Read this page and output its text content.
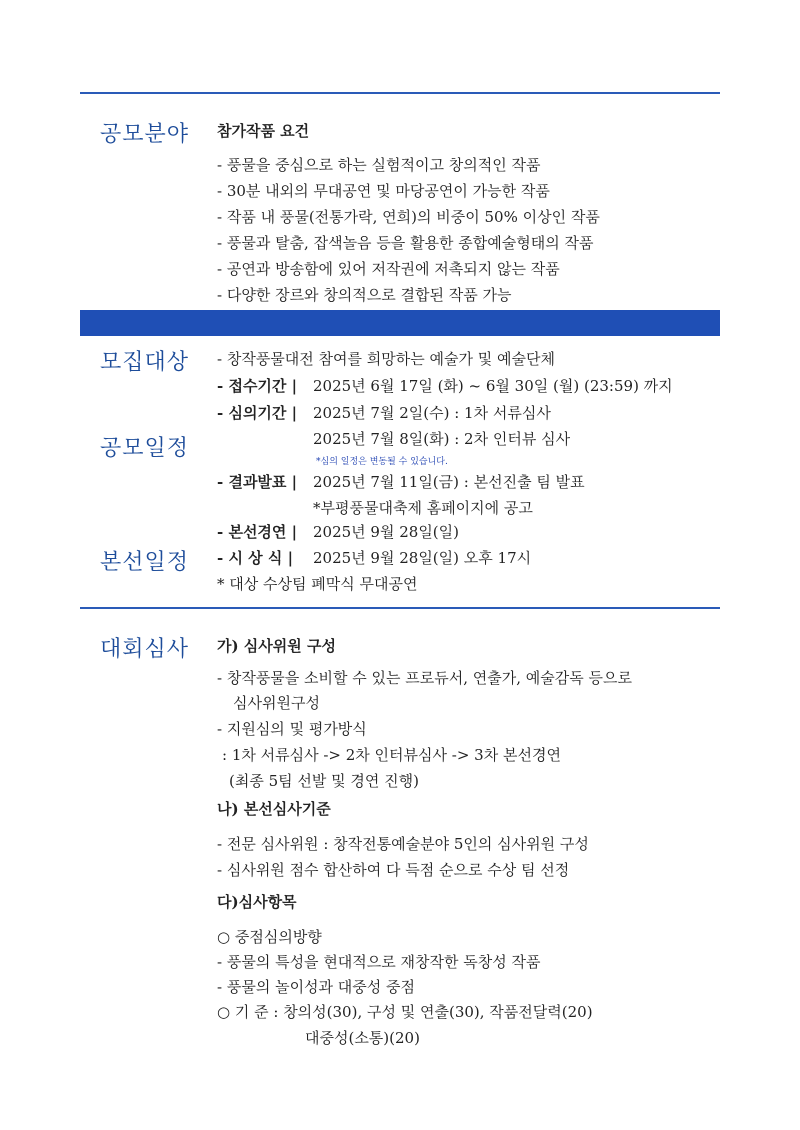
공모분야 참가작품 요건
- 풍물을 중심으로 하는 실험적이고 창의적인 작품
- 30분 내외의 무대공연 및 마당공연이 가능한 작품
- 작품 내 풍물(전통가락, 연희)의 비중이 50% 이상인 작품
- 풍물과 탈춤, 잡색놀음 등을 활용한 종합예술형태의 작품
- 공연과 방송함에 있어 저작권에 저촉되지 않는 작품
- 다양한 장르와 창의적으로 결합된 작품 가능
모집대상 - 창작풍물대전 참여를 희망하는 예술가 및 예술단체
- 접수기간 | 2025년 6월 17일 (화) ~ 6월 30일 (월) (23:59) 까지
- 심의기간 | 2025년 7월 2일(수) : 1차 서류심사
공모일정	2025년 7월 8일(화) : 2차 인터뷰 심사
*심의 일정은 변동될 수 있습니다.
- 결과발표 | 2025년 7월 11일(금) : 본선진출 팀 발표
*부평풍물대축제 홈페이지에 공고
- 본선경연 | 2025년 9월 28일(일)
본선일정 - 시 상 식 | 2025년 9월 28일(일) 오후 17시
* 대상 수상팀 폐막식 무대공연
대회심사 가) 심사위원 구성
- 창작풍물을 소비할 수 있는 프로듀서, 연출가, 예술감독 등으로
심사위원구성
- 지원심의 및 평가방식
: 1차 서류심사 -> 2차 인터뷰심사 -> 3차 본선경연
(최종 5팀 선발 및 경연 진행)
나) 본선심사기준
- 전문 심사위원 : 창작전통예술분야 5인의 심사위원 구성
- 심사위원 점수 합산하여 다 득점 순으로 수상 팀 선정
다)심사항목
○ 중점심의방향
- 풍물의 특성을 현대적으로 재창작한 독창성 작품
- 풍물의 놀이성과 대중성 중점
○ 기 준 : 창의성(30), 구성 및 연출(30), 작품전달력(20)
대중성(소통)(20)
